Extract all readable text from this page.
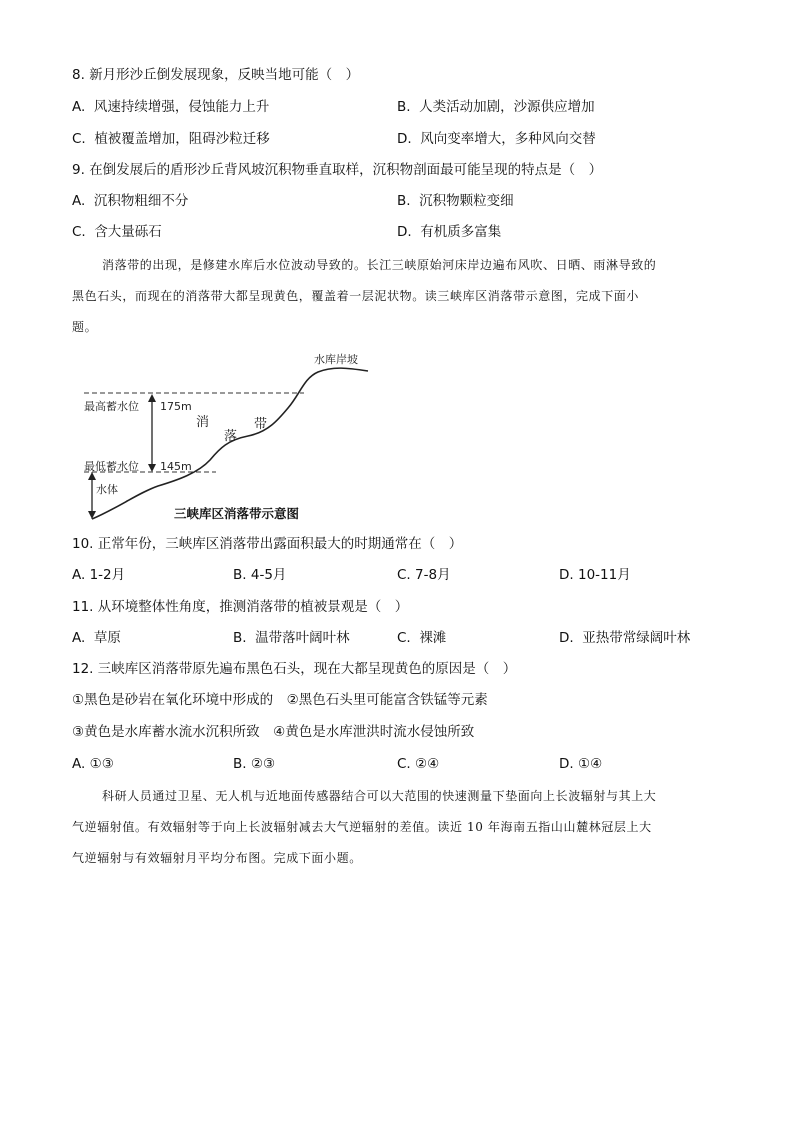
8. 新月形沙丘倒发展现象，反映当地可能（　）
A. 风速持续增强，侵蚀能力上升	B. 人类活动加剧，沙源供应增加
C. 植被覆盖增加，阻碍沙粒迁移	D. 风向变率增大，多种风向交替
9. 在倒发展后的盾形沙丘背风坡沉积物垂直取样，沉积物剖面最可能呈现的特点是（　）
A. 沉积物粗细不分	B. 沉积物颗粒变细
C. 含大量砾石	D. 有机质多富集
消落带的出现，是修建水库后水位波动导致的。长江三峡原始河床岸边遍布风吹、日晒、雨淋导致的
黑色石头，而现在的消落带大都呈现黄色，覆盖着一层泥状物。读三峡库区消落带示意图，完成下面小
题。
水库岸坡
最高蓄水位 175m
最低蓄水位 145m
水体
消
落
带
三峡库区消落带示意图
10. 正常年份，三峡库区消落带出露面积最大的时期通常在（　）
A. 1-2月	B. 4-5月	C. 7-8月	D. 10-11月
11. 从环境整体性角度，推测消落带的植被景观是（　）
A. 草原	B. 温带落叶阔叶林	C. 裸滩	D. 亚热带常绿阔叶林
12. 三峡库区消落带原先遍布黑色石头，现在大都呈现黄色的原因是（　）
①黑色是砂岩在氧化环境中形成的　②黑色石头里可能富含铁锰等元素
③黄色是水库蓄水流水沉积所致　④黄色是水库泄洪时流水侵蚀所致
A. ①③	B. ②③	C. ②④	D. ①④
科研人员通过卫星、无人机与近地面传感器结合可以大范围的快速测量下垫面向上长波辐射与其上大
气逆辐射值。有效辐射等于向上长波辐射减去大气逆辐射的差值。读近 10 年海南五指山山麓林冠层上大
气逆辐射与有效辐射月平均分布图。完成下面小题。
